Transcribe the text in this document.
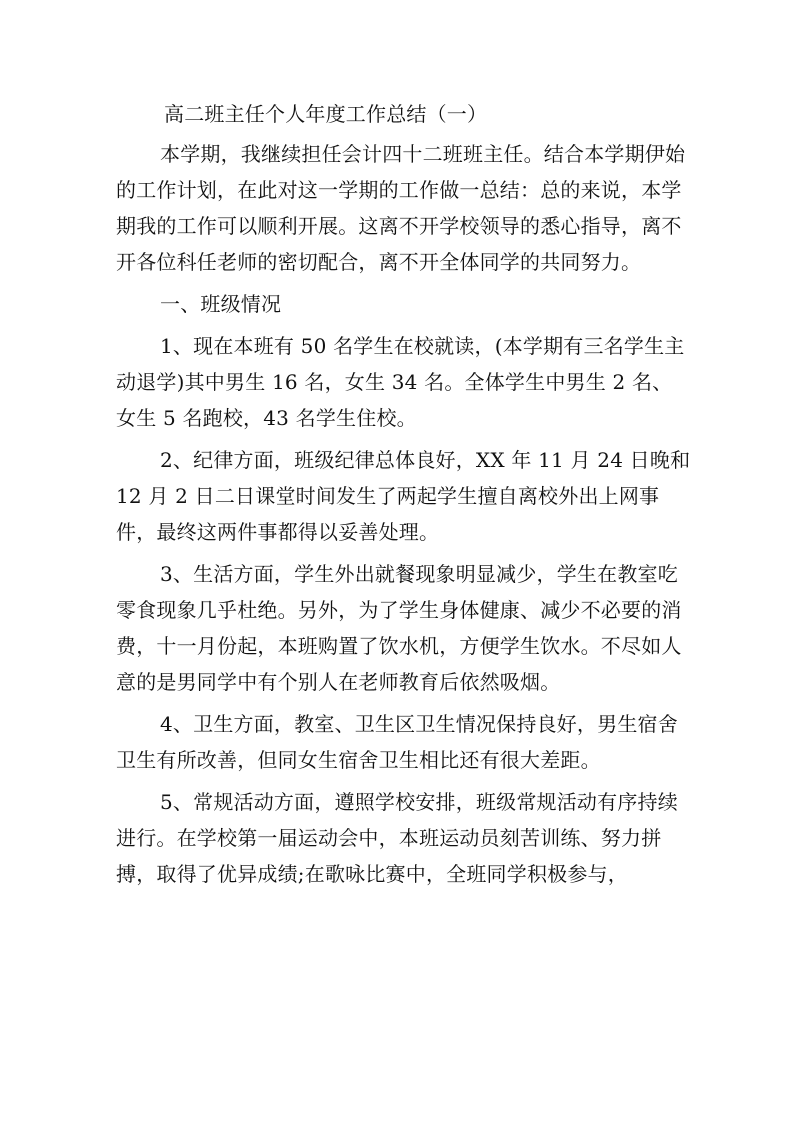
高二班主任个人年度工作总结（一）

本学期，我继续担任会计四十二班班主任。结合本学期伊始的工作计划，在此对这一学期的工作做一总结：总的来说，本学期我的工作可以顺利开展。这离不开学校领导的悉心指导，离不开各位科任老师的密切配合，离不开全体同学的共同努力。

一、班级情况

1、现在本班有 50 名学生在校就读，(本学期有三名学生主动退学)其中男生 16 名，女生 34 名。全体学生中男生 2 名、女生 5 名跑校，43 名学生住校。

2、纪律方面，班级纪律总体良好，XX 年 11 月 24 日晚和 12 月 2 日二日课堂时间发生了两起学生擅自离校外出上网事件，最终这两件事都得以妥善处理。

3、生活方面，学生外出就餐现象明显减少，学生在教室吃零食现象几乎杜绝。另外，为了学生身体健康、减少不必要的消费，十一月份起，本班购置了饮水机，方便学生饮水。不尽如人意的是男同学中有个别人在老师教育后依然吸烟。

4、卫生方面，教室、卫生区卫生情况保持良好，男生宿舍卫生有所改善，但同女生宿舍卫生相比还有很大差距。

5、常规活动方面，遵照学校安排，班级常规活动有序持续进行。在学校第一届运动会中，本班运动员刻苦训练、努力拼搏，取得了优异成绩;在歌咏比赛中，全班同学积极参与，
